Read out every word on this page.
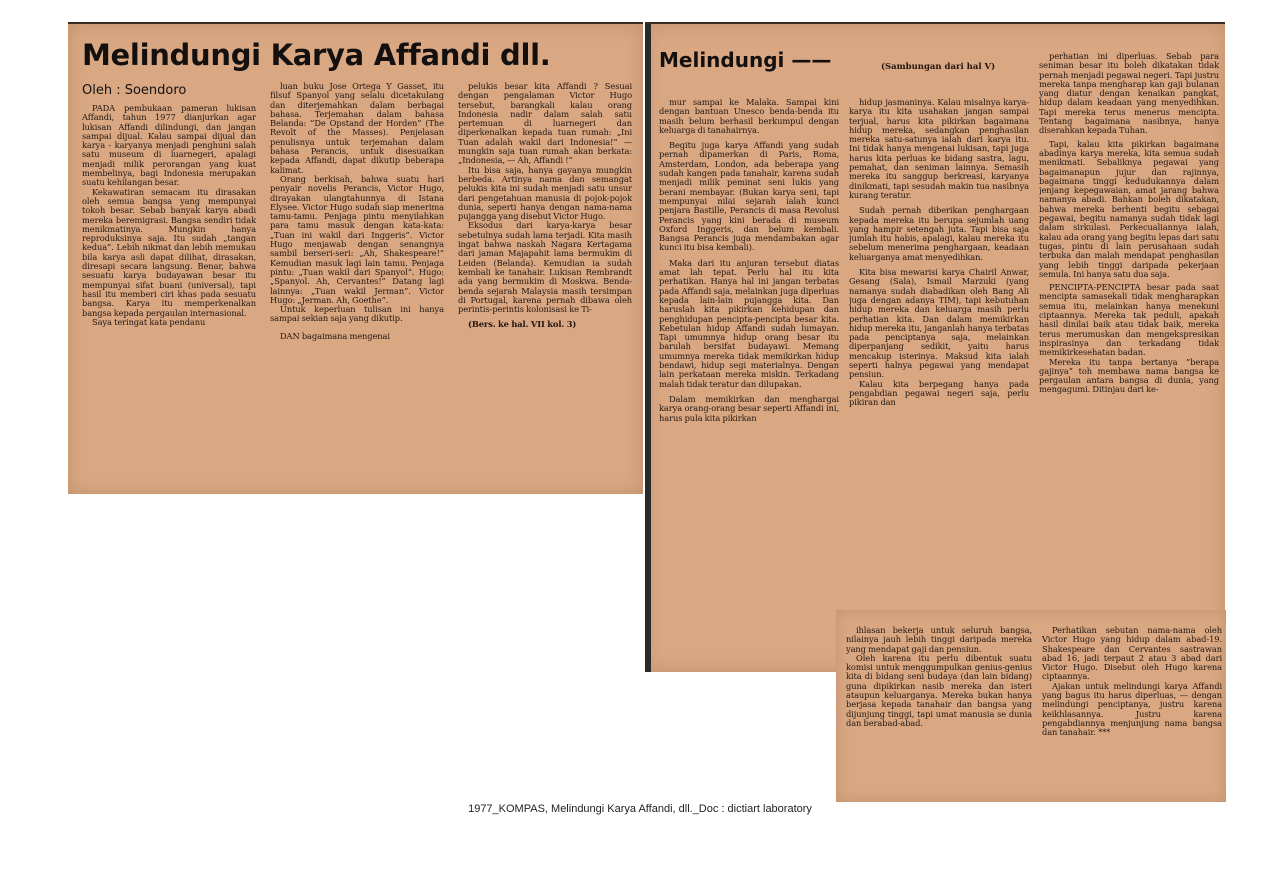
Melindungi Karya Affandi dll.
Oleh : Soendoro

PADA pembukaan pameran lukisan Affandi, tahun 1977 dianjurkan agar lukisan Affandi dilindungi, dan jangan sampai dijual. Kalau sampai dijual dan karya - karyanya menjadi penghuni salah satu museum di luarnegeri, apalagi menjadi milik perorangan yang kuat membelinya, bagi Indonesia merupakan suatu kehilangan besar.

Kekawatiran semacam itu dirasakan oleh semua bangsa yang mempunyai tokoh besar. Sebab banyak karya abadi mereka beremigrasi. Bangsa sendiri tidak menikmatinya. Mungkin hanya reproduksinya saja. Itu sudah „tangan kedua”. Lebih nikmat dan lebih memukau bila karya asli dapat dilihat, dirasakan, diresapi secara langsung. Benar, bahwa sesuatu karya budayawan besar itu mempunyai sifat buani (universal), tapi hasil itu memberi ciri khas pada sesuatu bangsa. Karya itu memperkenalkan bangsa kepada pergaulan internasional.

Saya teringat kata pendanu

luan buku Jose Ortega Y Gasset, itu filsuf Spanyol yang selalu dicetakulang dan diterjemahkan dalam berbagai bahasa. Terjemahan dalam bahasa Belanda: ”De Opstand der Horden” (The Revolt of the Masses). Penjelasan penulisnya untuk terjemahan dalam bahasa Perancis, untuk disesuaikan kepada Affandi, dapat dikutip beberapa kalimat.

Orang berkisah, bahwa suatu hari penyair novelis Perancis, Victor Hugo, dirayakan ulangtahunnya di Istana Elysee. Victor Hugo sudah siap menerima tamu-tamu. Penjaga pintu menyilahkan para tamu masuk dengan kata-kata: „Tuan ini wakil dari Inggeris”. Victor Hugo menjawab dengan senangnya sambil berseri-seri: „Ah, Shakespeare!” Kemudian masuk lagi lain tamu. Penjaga pintu: „Tuan wakil dari Spanyol”. Hugo: „Spanyol. Ah, Cervantes!” Datang lagi lainnya: „Tuan wakil Jerman”. Victor Hugo: „Jerman. Ah, Goethe”.

Untuk keperluan tulisan ini hanya sampai sekian saja yang dikutip.

DAN bagaimana mengenai

pelukis besar kita Affandi ? Sesuai dengan pengalaman Victor Hugo tersebut, barangkali kalau orang Indonesia nadir dalam salah satu pertemuan di luarnegeri dan diperkenalkan kepada tuan rumah: „Ini Tuan adalah wakil dari Indonesia!” — mungkin saja tuan rumah akan berkata: „Indonesia, — Ah, Affandi !”

Itu bisa saja, hanya gayanya mungkin berbeda. Artinya nama dan semangat pelukis kita ini sudah menjadi satu unsur dari pengetahuan manusia di pojok-pojok dunia, seperti hanya dengan nama-nama pujangga yang disebut Victor Hugo.

Eksodus dari karya-karya besar sebetulnya sudah lama terjadi. Kita masih ingat bahwa naskah Nagara Kertagama dari jaman Majapahit lama bermukim di Leiden (Belanda). Kemudian ia sudah kembali ke tanahair. Lukisan Rembrandt ada yang bermukim di Moskwa. Benda-benda sejarah Malaysia masih tersimpan di Portugal, karena pernah dibawa oleh perintis-perintis kolonisasi ke Ti-

(Bers. ke hal. VII kol. 3)

Melindungi ——	(Sambungan dari hal V)

mur sampai ke Malaka. Sampai kini dengan bantuan Unesco benda-benda itu masih belum berhasil berkumpul dengan keluarga di tanahairnya.

Begitu juga karya Affandi yang sudah pernah dipamerkan di Paris, Roma, Amsterdam, London, ada beberapa yang sudah kangen pada tanahair, karena sudah menjadi milik peminat seni lukis yang berani membayar. (Bukan karya seni, tapi mempunyai nilai sejarah ialah kunci penjara Bastille, Perancis di masa Revolusi Perancis yang kini berada di museum Oxford Inggeris, dan belum kembali. Bangsa Perancis juga mendambakan agar kunci itu bisa kembali).

Maka dari itu anjuran tersebut diatas amat lah tepat. Perlu hal itu kita perhatikan. Hanya hal ini jangan terbatas pada Affandi saja, melainkan juga diperluas kepada lain-lain pujangga kita. Dan haruslah kita pikirkan kehidupan dan penghidupan pencipta-pencipta besar kita. Kebetulan hidup Affandi sudah lumayan. Tapi umumnya hidup orang besar itu barulah bersifat budayawi. Memang umumnya mereka tidak memikirkan hidup bendawi, hidup segi materialnya. Dengan lain perkataan mereka miskin. Terkadang malah tidak teratur dan dilupakan.

Dalam memikirkan dan menghargai karya orang-orang besar seperti Affandi ini, harus pula kita pikirkan

hidup jasmaninya. Kalau misalnya karya-karya itu kita usahakan jangan sampai terjual, harus kita pikirkan bagaimana hidup mereka, sedangkan penghasilan mereka satu-satunya ialah dari karya itu. Ini tidak hanya mengenai lukisan, tapi juga harus kita perluas ke bidang sastra, lagu, pemahat, dan seniman lainnya. Semasih mereka itu sanggup berkreasi, karyanya dinikmati, tapi sesudah makin tua nasibnya kurang teratur.

Sudah pernah diberikan penghargaan kepada mereka itu berupa sejumlah uang yang hampir setengah juta. Tapi bisa saja jumlah itu habis, apalagi, kalau mereka itu sebelum menerima penghargaan, keadaan keluarganya amat menyedihkan.

Kita bisa mewarisi karya Chairil Anwar, Gesang (Sala), Ismail Marzuki (yang namanya sudah diabadikan oleh Bang Ali juga dengan adanya TIM), tapi kebutuhan hidup mereka dan keluarga masih perlu perhatian kita. Dan dalam memikirkan hidup mereka itu, janganlah hanya terbatas pada penciptanya saja, melainkan diperpanjang sedikit, yaitu harus mencakup isterinya. Maksud kita ialah seperti halnya pegawai yang mendapat pensiun.

Kalau kita berpegang hanya pada pengabdian pegawai negeri saja, perlu pikiran dan

perhatian ini diperluas. Sebab para seniman besar itu boleh dikatakan tidak pernah menjadi pegawai negeri. Tapi justru mereka tanpa mengharap kan gaji bulanan yang diatur dengan kenaikan pangkat, hidup dalam keadaan yang menyedihkan. Tapi mereka terus menerus mencipta. Tentang bagaimana nasibnya, hanya diserahkan kepada Tuhan.

Tapi, kalau kita pikirkan bagaimana abadinya karya mereka, kita semua sudah menikmati. Sebaliknya pegawai yang bagaimanapun jujur dan rajinnya, bagaimana tinggi kedudukannya dalam jenjang kepegawaian, amat jarang bahwa namanya abadi. Bahkan boleh dikatakan, bahwa mereka berhenti begitu sebagai pegawai, begitu namanya sudah tidak lagi dalam sirkulasi. Perkecualiannya ialah, kalau ada orang yang begitu lepas dari satu tugas, pintu di lain perusahaan sudah terbuka dan malah mendapat penghasilan yang lebih tinggi daripada pekerjaan semula. Ini hanya satu dua saja.

PENCIPTA-PENCIPTA besar pada saat mencipta samasekali tidak mengharapkan semua itu, melainkan hanya menekuni ciptaannya. Mereka tak peduli, apakah hasil dinilai baik atau tidak baik, mereka terus merumuskan dan mengekspresikan inspirasinya dan terkadang tidak memikirkesehatan badan.

Mereka itu tanpa bertanya ”berapa gajinya” toh membawa nama bangsa ke pergaulan antara bangsa di dunia, yang mengagumi. Ditinjau dari ke-

ihlasan bekerja untuk seluruh bangsa, nilainya jauh lebih tinggi daripada mereka yang mendapat gaji dan pensiun.

Oleh karena itu perlu dibentuk suatu komisi untuk menggumpulkan genius-genius kita di bidang seni budaya (dan lain bidang) guna dipikirkan nasib mereka dan isteri ataupun keluarganya. Mereka bukan hanya berjasa kepada tanahair dan bangsa yang dijunjung tinggi, tapi umat manusia se dunia dan berabad-abad.

Perhatikan sebutan nama-nama oleh Victor Hugo yang hidup dalam abad-19. Shakespeare dan Cervantes sastrawan abad 16, jadi terpaut 2 atau 3 abad dari Victor Hugo. Disebut oleh Hugo karena ciptaannya.

Ajakan untuk melindungi karya Affandi yang bagus itu harus diperluas, — dengan melindungi penciptanya, justru karena keikhlasannya. Justru karena pengabdiannya menjunjung nama bangsa dan tanahair. ***

1977_KOMPAS, Melindungi Karya Affandi, dll._Doc : dictiart laboratory
